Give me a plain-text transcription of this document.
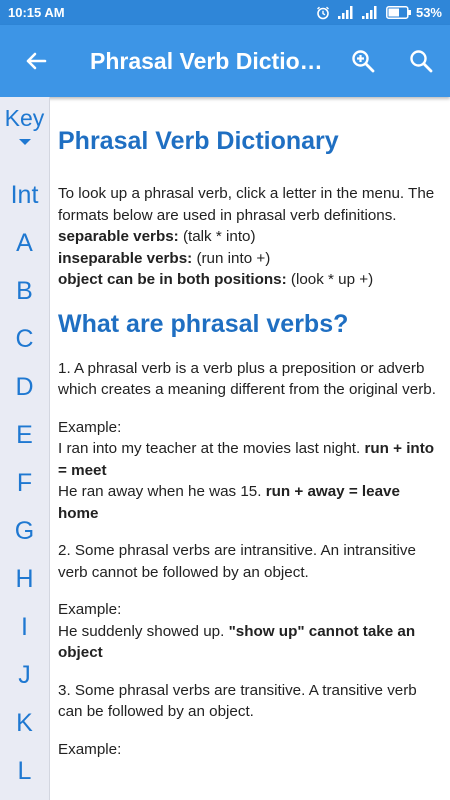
10:15 AM	53%
Phrasal Verb Dictio…
Key
Int
A
B
C
D
E
F
G
H
I
J
K
L
Phrasal Verb Dictionary

To look up a phrasal verb, click a letter in the menu. The formats below are used in phrasal verb definitions.

separable verbs: (talk * into)

inseparable verbs: (run into +)

object can be in both positions: (look * up +)

What are phrasal verbs?

1. A phrasal verb is a verb plus a preposition or adverb which creates a meaning different from the original verb.

Example:
I ran into my teacher at the movies last night. run + into = meet
He ran away when he was 15. run + away = leave home

2. Some phrasal verbs are intransitive. An intransitive verb cannot be followed by an object.

Example:
He suddenly showed up. "show up" cannot take an object

3. Some phrasal verbs are transitive. A transitive verb can be followed by an object.

Example:
